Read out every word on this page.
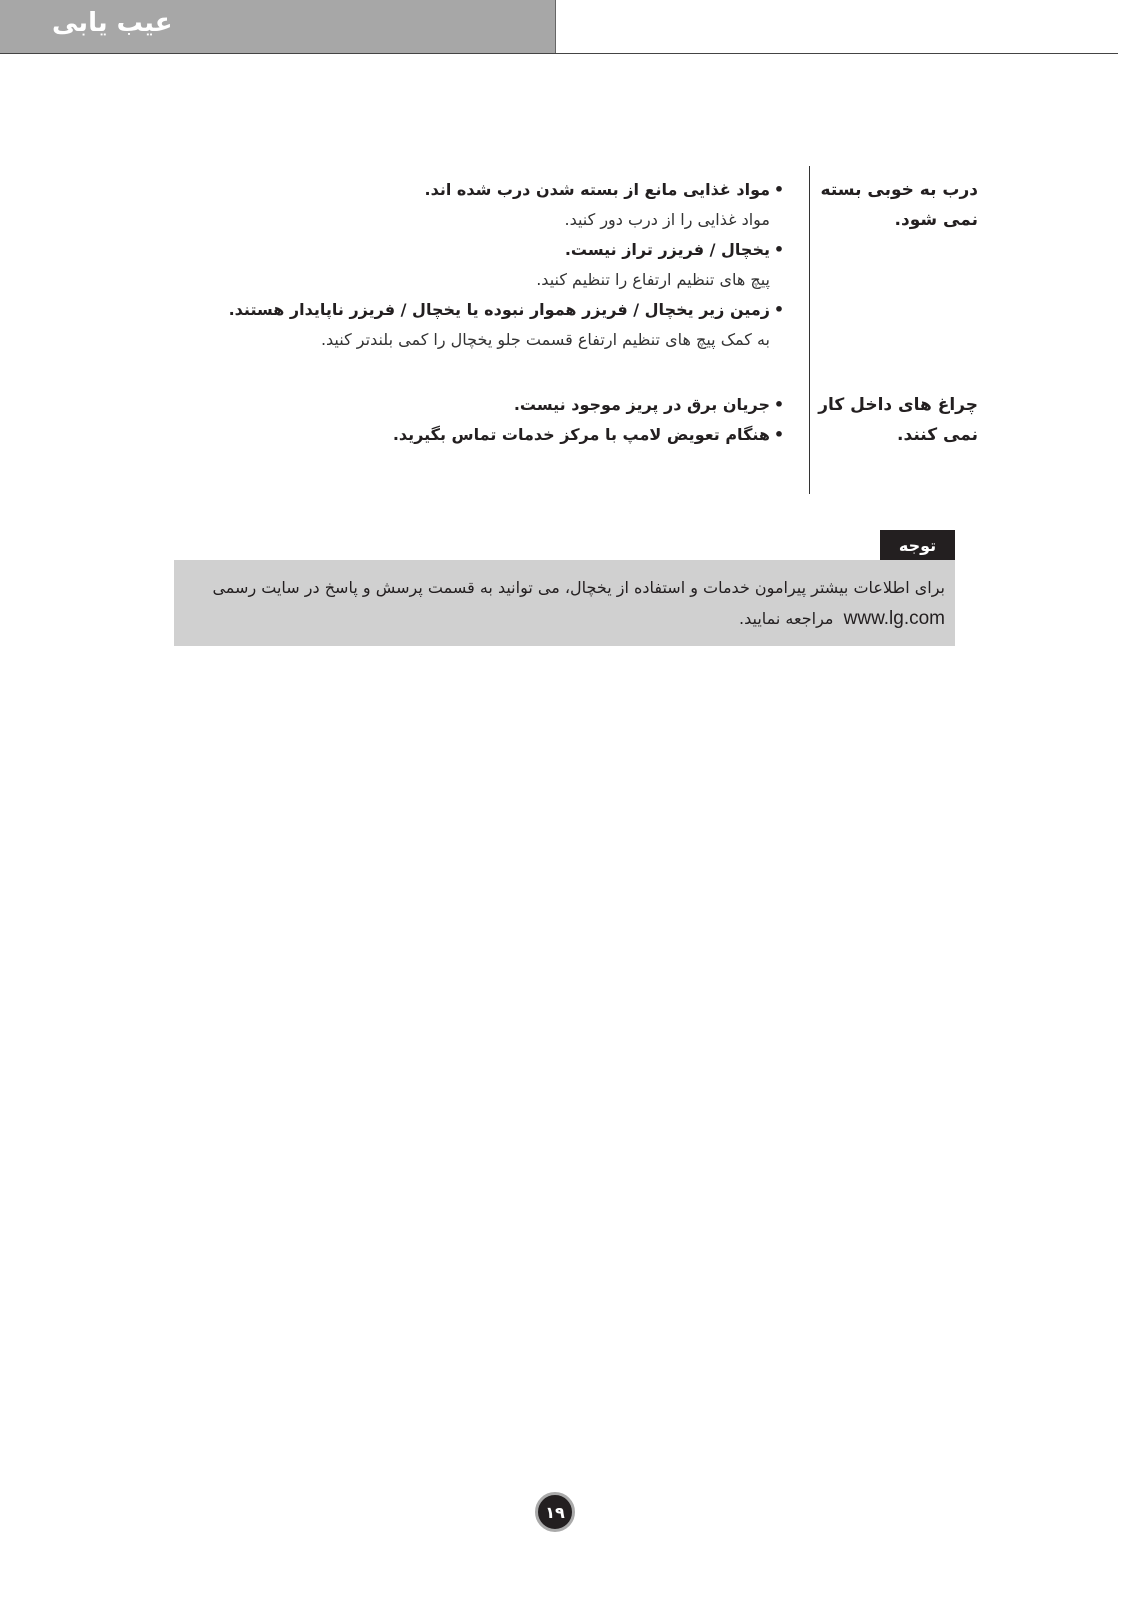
عیب یابی
درب به خوبی بسته
نمی شود.
•مواد غذایی مانع از بسته شدن درب شده اند.
مواد غذایی را از درب دور کنید.
•یخچال / فریزر تراز نیست.
پیچ های تنظیم ارتفاع را تنظیم کنید.
•زمین زیر یخچال / فریزر هموار نبوده یا یخچال / فریزر ناپایدار هستند.
به کمک پیچ های تنظیم ارتفاع قسمت جلو یخچال را کمی بلندتر کنید.
چراغ های داخل کار
نمی کنند.
•جریان برق در پریز موجود نیست.
•هنگام تعویض لامپ با مرکز خدمات تماس بگیرید.
توجه
برای اطلاعات بیشتر پیرامون خدمات و استفاده از یخچال، می توانید به قسمت پرسش و پاسخ در سایت رسمی
www.lg.com  مراجعه نمایید.
۱۹
